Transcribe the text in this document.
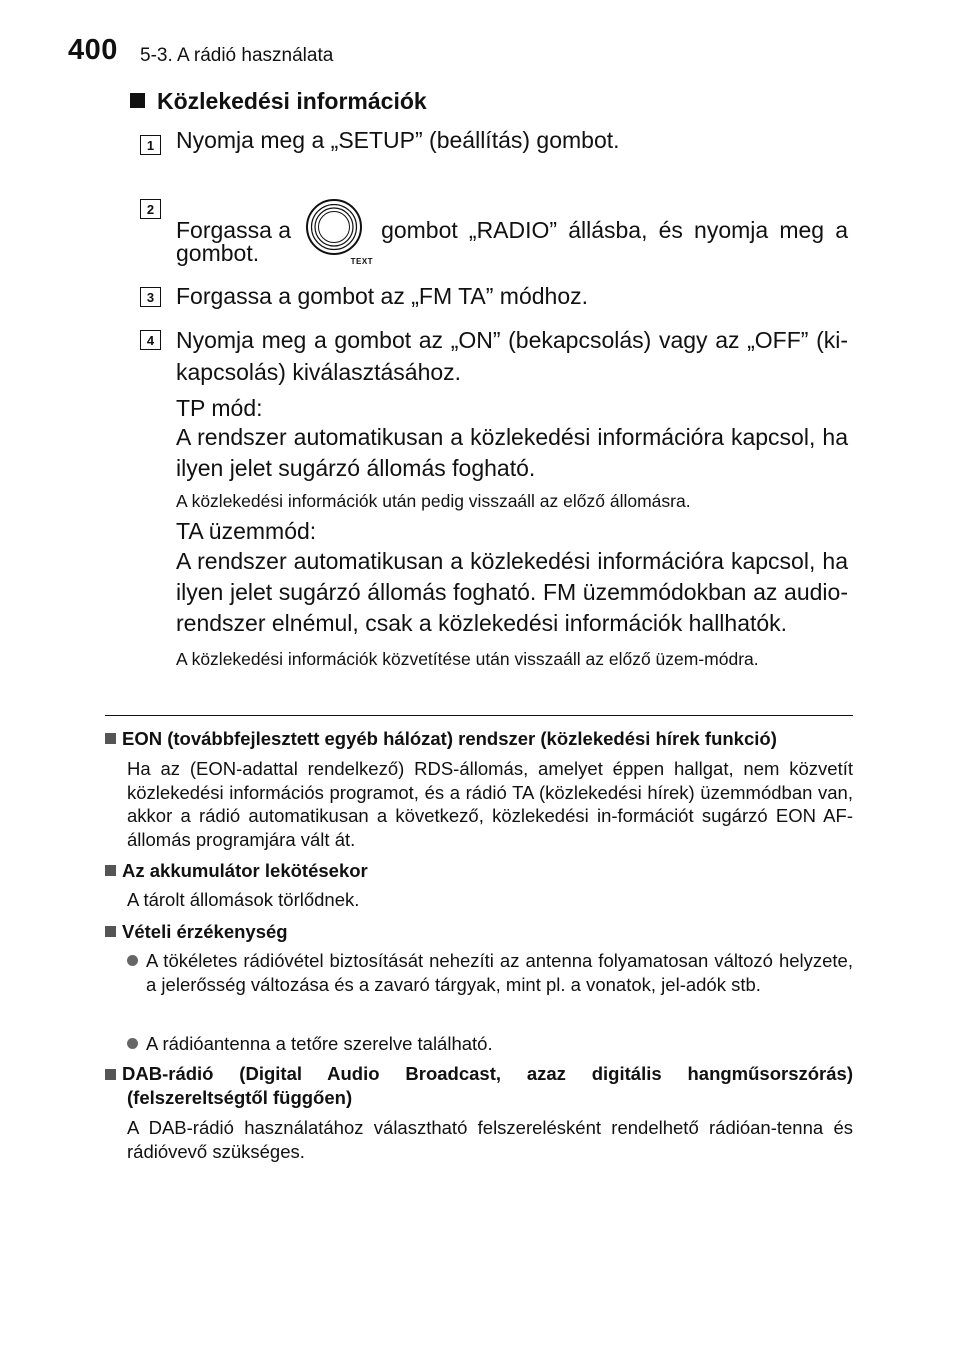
400 5-3. A rádió használata
Közlekedési információk
1 Nyomja meg a „SETUP” (beállítás) gombot.
2
Forgassa a
TEXT
gombot „RADIO” állásba, és nyomja meg a
gombot.
3 Forgassa a gombot az „FM TA” módhoz.
4 Nyomja meg a gombot az „ON” (bekapcsolás) vagy az „OFF” (ki-kapcsolás) kiválasztásához.
TP mód:
A rendszer automatikusan a közlekedési információra kapcsol, ha ilyen jelet sugárzó állomás fogható.
A közlekedési információk után pedig visszaáll az előző állomásra.
TA üzemmód:
A rendszer automatikusan a közlekedési információra kapcsol, ha ilyen jelet sugárzó állomás fogható. FM üzemmódokban az audio-rendszer elnémul, csak a közlekedési információk hallhatók.
A közlekedési információk közvetítése után visszaáll az előző üzem-módra.
EON (továbbfejlesztett egyéb hálózat) rendszer (közlekedési hírek funkció)
Ha az (EON-adattal rendelkező) RDS-állomás, amelyet éppen hallgat, nem közvetít közlekedési információs programot, és a rádió TA (közlekedési hírek) üzemmódban van, akkor a rádió automatikusan a következő, közlekedési in-formációt sugárzó EON AF-állomás programjára vált át.
Az akkumulátor lekötésekor
A tárolt állomások törlődnek.
Vételi érzékenység
A tökéletes rádióvétel biztosítását nehezíti az antenna folyamatosan változó helyzete, a jelerősség változása és a zavaró tárgyak, mint pl. a vonatok, jel-adók stb.
A rádióantenna a tetőre szerelve található.
DAB-rádió (Digital Audio Broadcast, azaz digitális hangműsorszórás)
(felszereltségtől függően)
A DAB-rádió használatához választható felszerelésként rendelhető rádióan-tenna és rádióvevő szükséges.
